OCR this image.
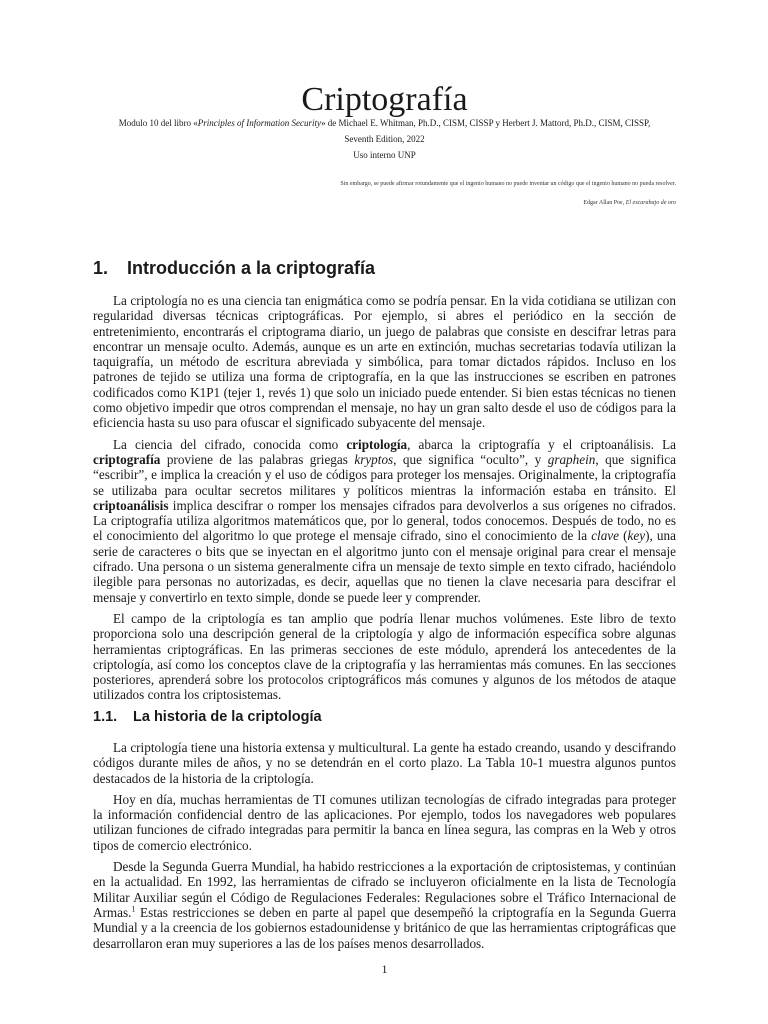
Criptografía
Modulo 10 del libro «Principles of Information Security» de Michael E. Whitman, Ph.D., CISM, CISSP y Herbert J. Mattord, Ph.D., CISM, CISSP,
Seventh Edition, 2022
Uso interno UNP
Sin embargo, se puede afirmar rotundamente que el ingenio humano no puede inventar un código que el ingenio humano no pueda resolver.
Edgar Allan Poe, El escarabajo de oro
1. Introducción a la criptografía

La criptología no es una ciencia tan enigmática como se podría pensar. En la vida cotidiana se utilizan con regularidad diversas técnicas criptográficas. Por ejemplo, si abres el periódico en la sección de entretenimiento, encontrarás el criptograma diario, un juego de palabras que consiste en descifrar letras para encontrar un mensaje oculto. Además, aunque es un arte en extinción, muchas secretarias todavía utilizan la taquigrafía, un método de escritura abreviada y simbólica, para tomar dictados rápidos. Incluso en los patrones de tejido se utiliza una forma de criptografía, en la que las instrucciones se escriben en patrones codificados como K1P1 (tejer 1, revés 1) que solo un iniciado puede entender. Si bien estas técnicas no tienen como objetivo impedir que otros comprendan el mensaje, no hay un gran salto desde el uso de códigos para la eficiencia hasta su uso para ofuscar el significado subyacente del mensaje.

La ciencia del cifrado, conocida como criptología, abarca la criptografía y el criptoanálisis. La criptografía proviene de las palabras griegas kryptos, que significa “oculto”, y graphein, que significa “escribir”, e implica la creación y el uso de códigos para proteger los mensajes. Originalmente, la criptografía se utilizaba para ocultar secretos militares y políticos mientras la información estaba en tránsito. El criptoanálisis implica descifrar o romper los mensajes cifrados para devolverlos a sus orígenes no cifrados. La criptografía utiliza algoritmos matemáticos que, por lo general, todos conocemos. Después de todo, no es el conocimiento del algoritmo lo que protege el mensaje cifrado, sino el conocimiento de la clave (key), una serie de caracteres o bits que se inyectan en el algoritmo junto con el mensaje original para crear el mensaje cifrado. Una persona o un sistema generalmente cifra un mensaje de texto simple en texto cifrado, haciéndolo ilegible para personas no autorizadas, es decir, aquellas que no tienen la clave necesaria para descifrar el mensaje y convertirlo en texto simple, donde se puede leer y comprender.

El campo de la criptología es tan amplio que podría llenar muchos volúmenes. Este libro de texto proporciona solo una descripción general de la criptología y algo de información específica sobre algunas herramientas criptográficas. En las primeras secciones de este módulo, aprenderá los antecedentes de la criptología, así como los conceptos clave de la criptografía y las herramientas más comunes. En las secciones posteriores, aprenderá sobre los protocolos criptográficos más comunes y algunos de los métodos de ataque utilizados contra los criptosistemas.

1.1. La historia de la criptología

La criptología tiene una historia extensa y multicultural. La gente ha estado creando, usando y descifrando códigos durante miles de años, y no se detendrán en el corto plazo. La Tabla 10-1 muestra algunos puntos destacados de la historia de la criptología.

Hoy en día, muchas herramientas de TI comunes utilizan tecnologías de cifrado integradas para proteger la información confidencial dentro de las aplicaciones. Por ejemplo, todos los navegadores web populares utilizan funciones de cifrado integradas para permitir la banca en línea segura, las compras en la Web y otros tipos de comercio electrónico.

Desde la Segunda Guerra Mundial, ha habido restricciones a la exportación de criptosistemas, y continúan en la actualidad. En 1992, las herramientas de cifrado se incluyeron oficialmente en la lista de Tecnología Militar Auxiliar según el Código de Regulaciones Federales: Regulaciones sobre el Tráfico Internacional de Armas.$^1$ Estas restricciones se deben en parte al papel que desempeñó la criptografía en la Segunda Guerra Mundial y a la creencia de los gobiernos estadounidense y británico de que las herramientas criptográficas que desarrollaron eran muy superiores a las de los países menos desarrollados.

1
